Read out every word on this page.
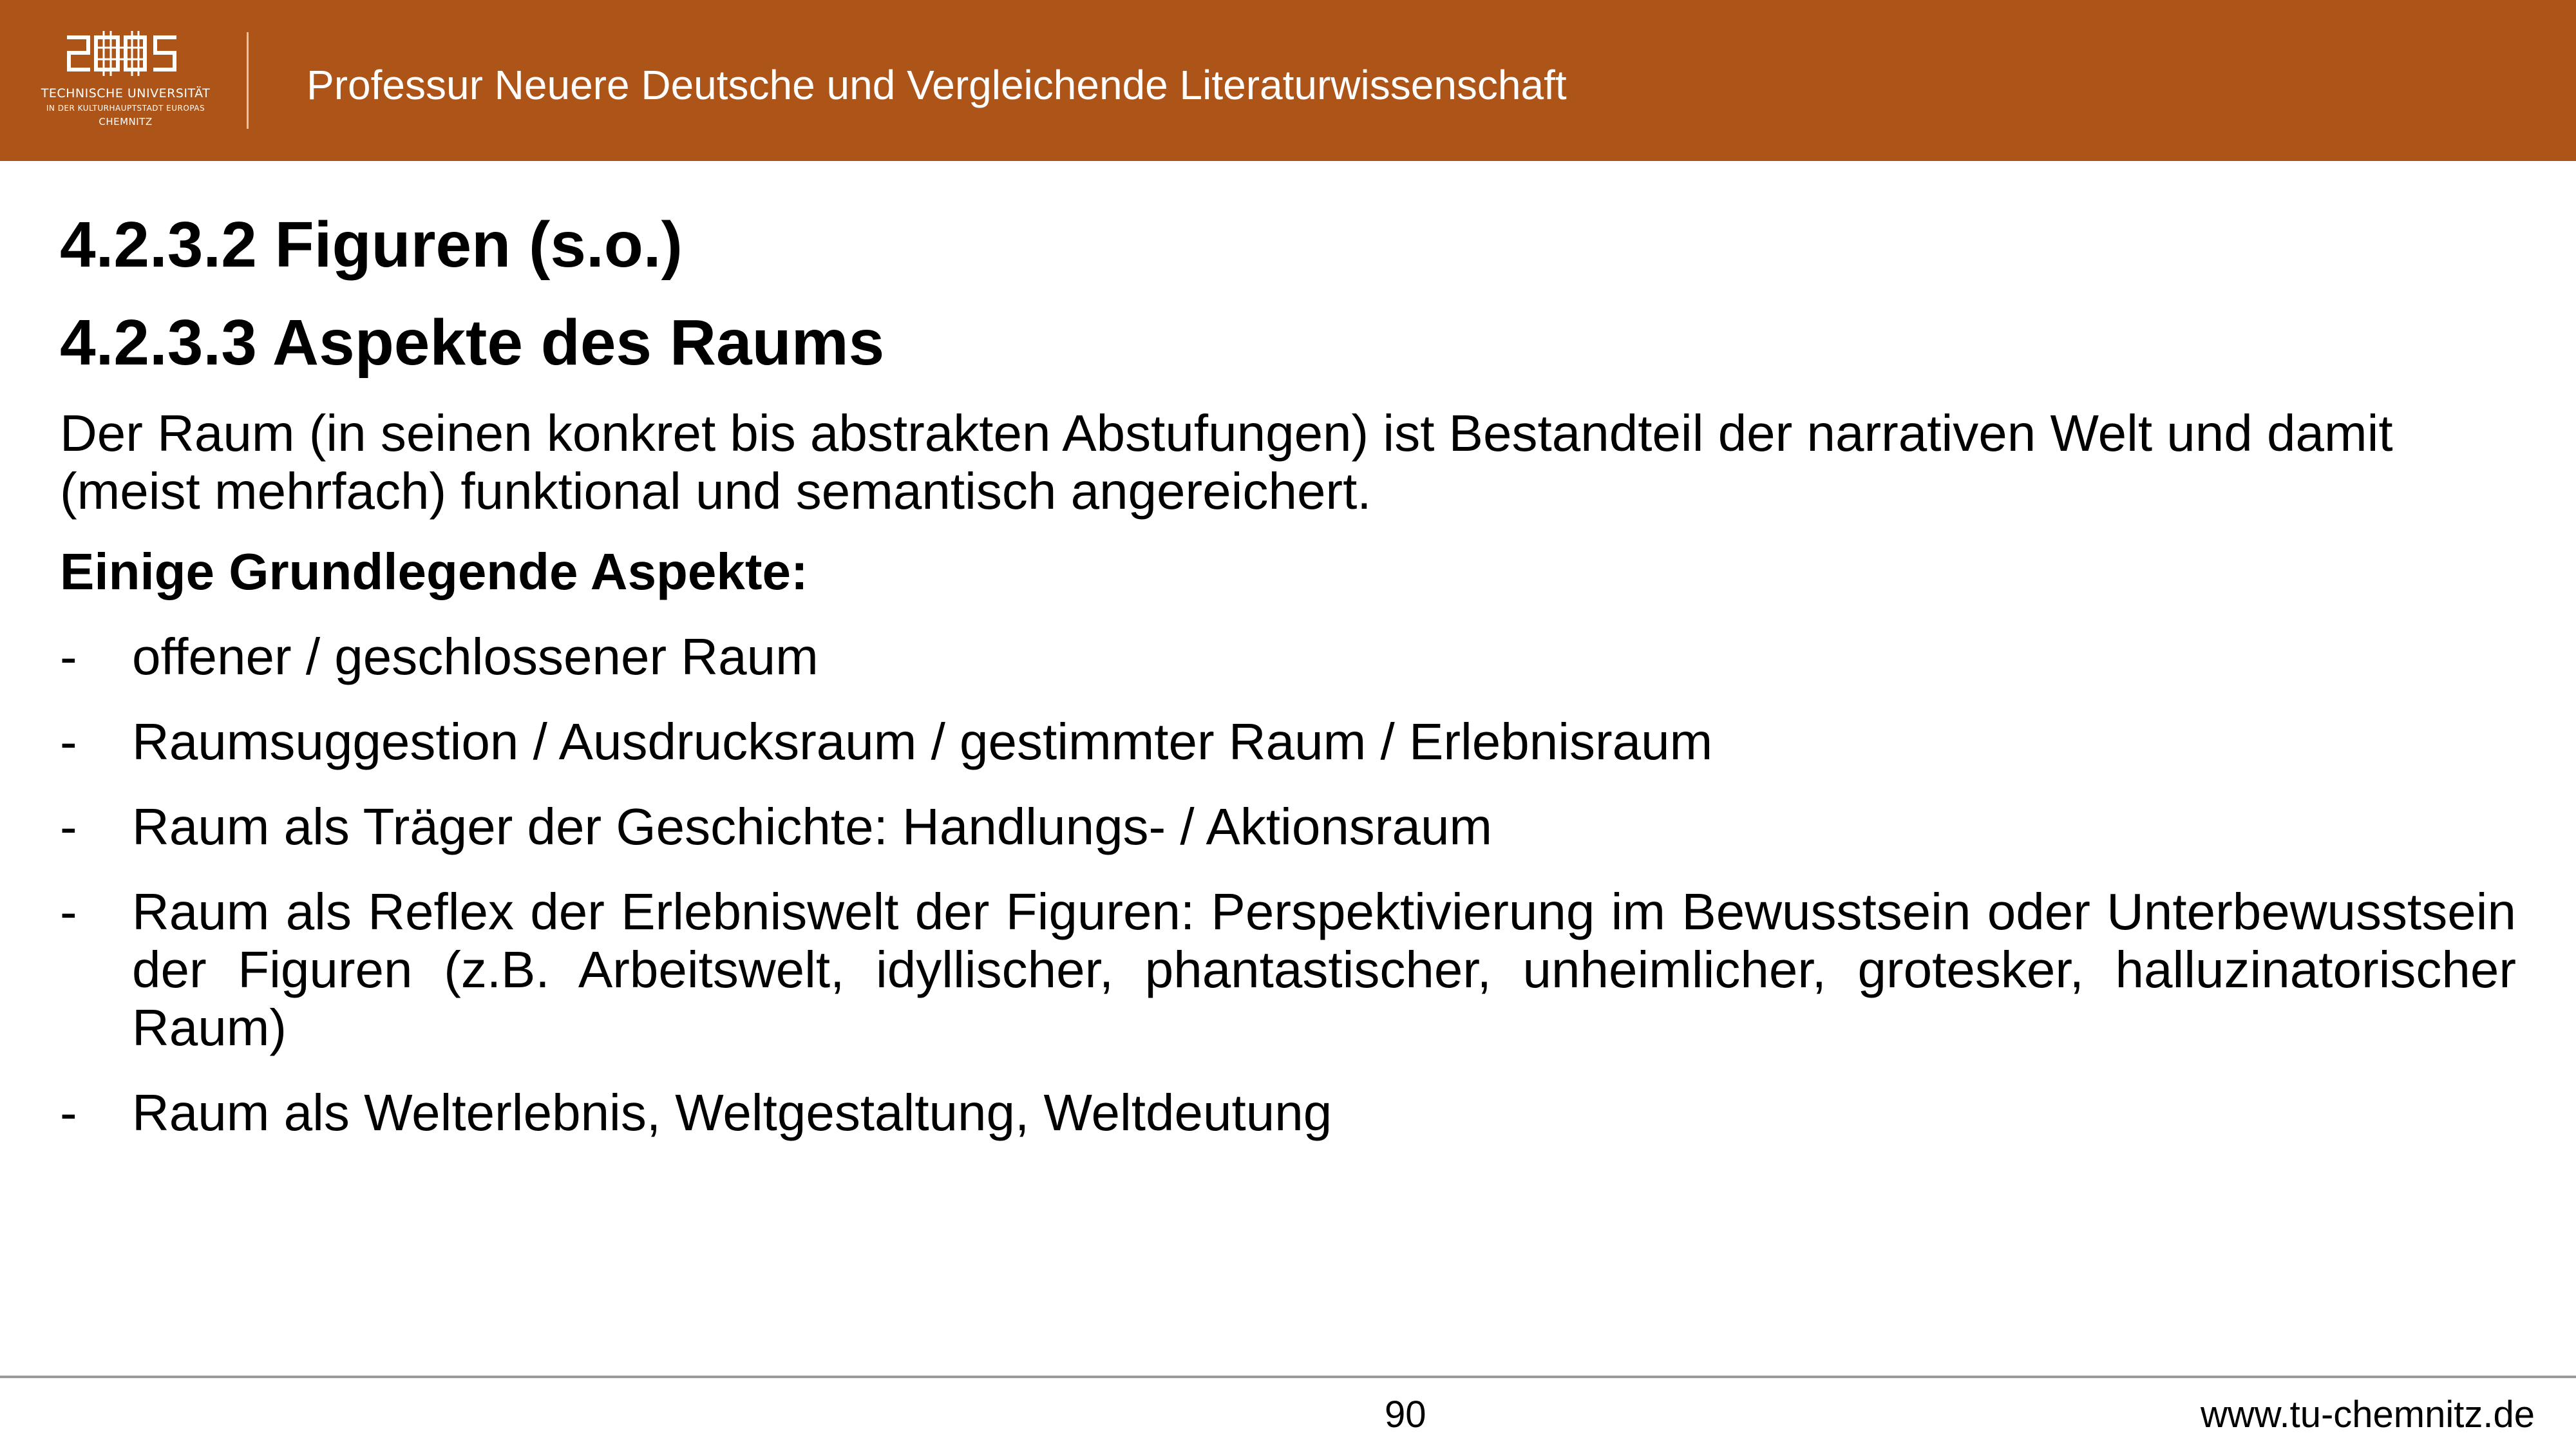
TECHNISCHE UNIVERSITÄT
IN DER KULTURHAUPTSTADT EUROPAS
CHEMNITZ
Professur Neuere Deutsche und Vergleichende Literaturwissenschaft
4.2.3.2 Figuren (s.o.)
4.2.3.3 Aspekte des Raums

Der Raum (in seinen konkret bis abstrakten Abstufungen) ist Bestandteil der narrativen Welt und damit (meist mehrfach) funktional und semantisch angereichert.

Einige Grundlegende Aspekte:

- offener / geschlossener Raum
- Raumsuggestion / Ausdrucksraum / gestimmter Raum / Erlebnisraum
- Raum als Träger der Geschichte: Handlungs- / Aktionsraum
- Raum als Reflex der Erlebniswelt der Figuren: Perspektivierung im Bewusstsein oder Unterbewusstsein der Figuren (z.B. Arbeitswelt, idyllischer, phantastischer, unheimlicher, grotesker, halluzinatorischer Raum)
- Raum als Welterlebnis, Weltgestaltung, Weltdeutung
90	www.tu-chemnitz.de
